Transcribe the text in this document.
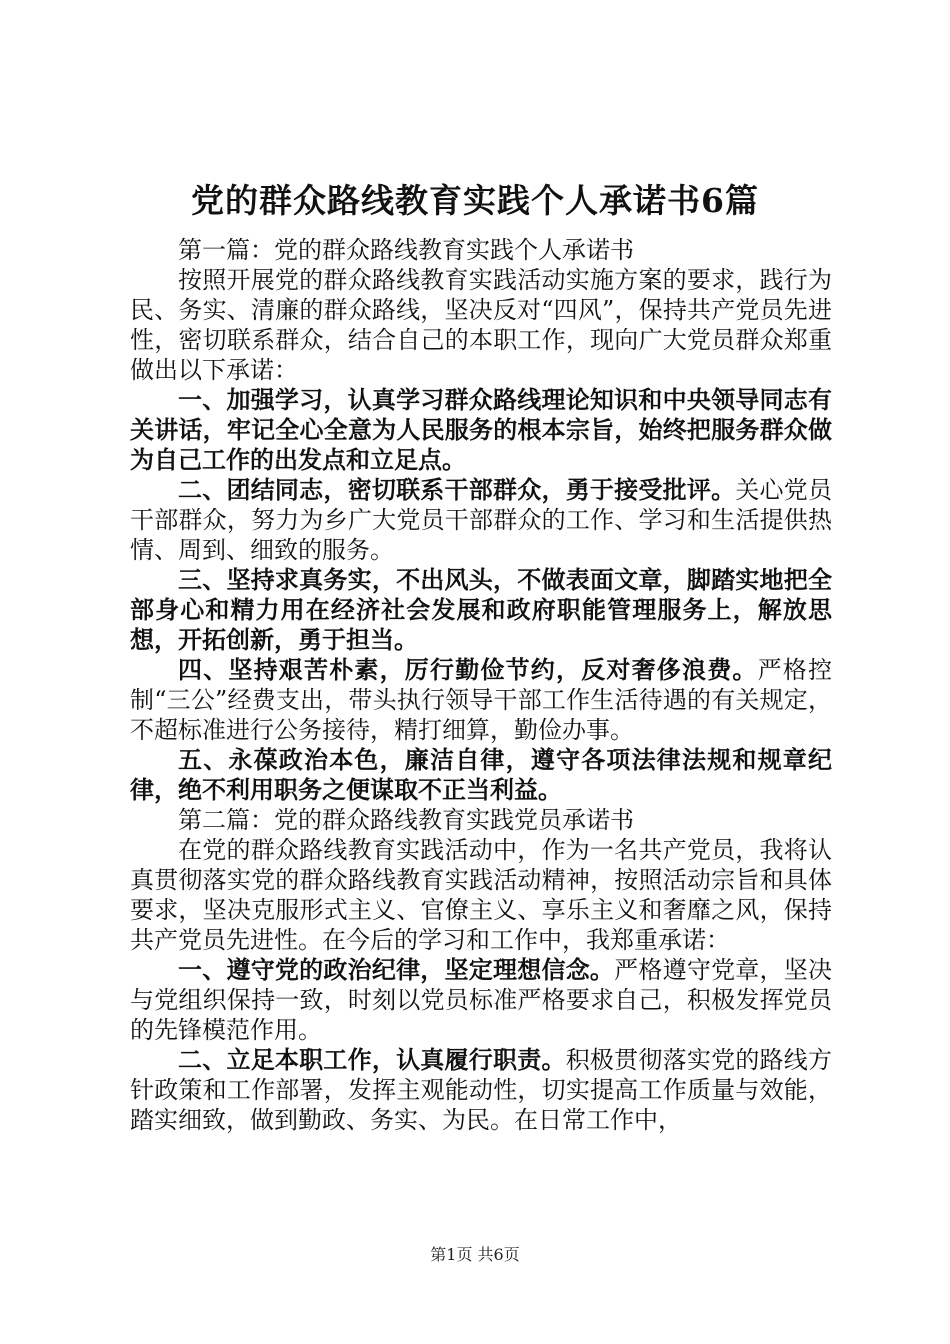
党的群众路线教育实践个人承诺书6篇

第一篇：党的群众路线教育实践个人承诺书

按照开展党的群众路线教育实践活动实施方案的要求，践行为民、务实、清廉的群众路线，坚决反对“四风”，保持共产党员先进性，密切联系群众，结合自己的本职工作，现向广大党员群众郑重做出以下承诺：

一、加强学习，认真学习群众路线理论知识和中央领导同志有关讲话，牢记全心全意为人民服务的根本宗旨，始终把服务群众做为自己工作的出发点和立足点。

二、团结同志，密切联系干部群众，勇于接受批评。关心党员干部群众，努力为乡广大党员干部群众的工作、学习和生活提供热情、周到、细致的服务。

三、坚持求真务实，不出风头，不做表面文章，脚踏实地把全部身心和精力用在经济社会发展和政府职能管理服务上，解放思想，开拓创新，勇于担当。

四、坚持艰苦朴素，厉行勤俭节约，反对奢侈浪费。严格控制“三公”经费支出，带头执行领导干部工作生活待遇的有关规定，不超标准进行公务接待，精打细算，勤俭办事。

五、永葆政治本色，廉洁自律，遵守各项法律法规和规章纪律，绝不利用职务之便谋取不正当利益。

第二篇：党的群众路线教育实践党员承诺书

在党的群众路线教育实践活动中，作为一名共产党员，我将认真贯彻落实党的群众路线教育实践活动精神，按照活动宗旨和具体要求，坚决克服形式主义、官僚主义、享乐主义和奢靡之风，保持共产党员先进性。在今后的学习和工作中，我郑重承诺：

一、遵守党的政治纪律，坚定理想信念。严格遵守党章，坚决与党组织保持一致，时刻以党员标准严格要求自己，积极发挥党员的先锋模范作用。

二、立足本职工作，认真履行职责。积极贯彻落实党的路线方针政策和工作部署，发挥主观能动性，切实提高工作质量与效能，踏实细致，做到勤政、务实、为民。在日常工作中，

第1页 共6页
